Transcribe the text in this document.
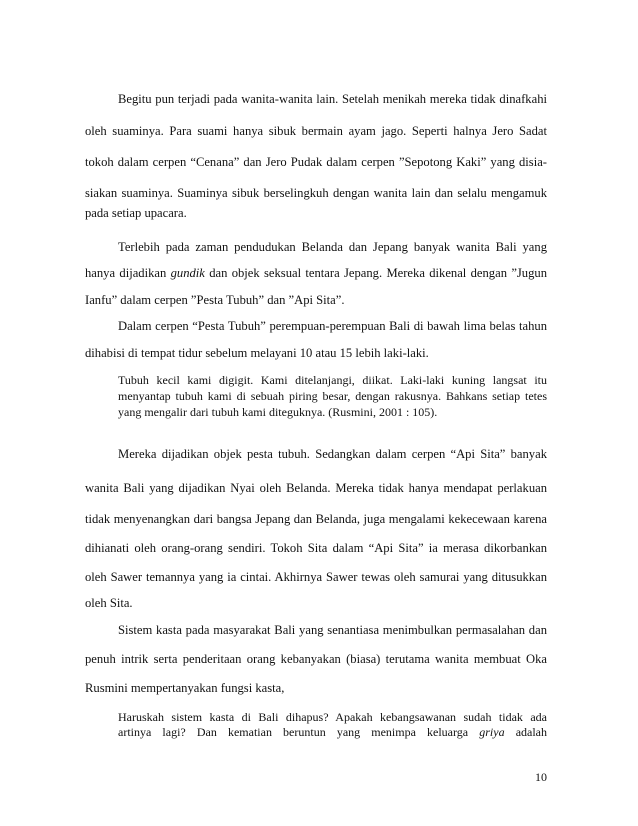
Begitu pun terjadi pada wanita-wanita lain. Setelah menikah mereka tidak dinafkahi
oleh suaminya. Para suami hanya sibuk bermain ayam jago. Seperti halnya Jero Sadat
tokoh dalam cerpen “Cenana” dan Jero Pudak dalam cerpen ”Sepotong Kaki” yang disia-
siakan suaminya. Suaminya sibuk berselingkuh dengan wanita lain dan selalu mengamuk
pada setiap upacara.
Terlebih pada zaman pendudukan Belanda dan Jepang banyak wanita Bali yang
hanya dijadikan gundik dan objek seksual tentara Jepang. Mereka dikenal dengan ”Jugun
Ianfu” dalam cerpen ”Pesta Tubuh” dan ”Api Sita”.
Dalam cerpen “Pesta Tubuh” perempuan-perempuan Bali di bawah lima belas tahun
dihabisi di tempat tidur sebelum melayani 10 atau 15 lebih laki-laki.
Tubuh kecil kami digigit. Kami ditelanjangi, diikat. Laki-laki kuning langsat itu
menyantap tubuh kami di sebuah piring besar, dengan rakusnya. Bahkans setiap tetes
yang mengalir dari tubuh kami diteguknya. (Rusmini, 2001 : 105).
Mereka dijadikan objek pesta tubuh. Sedangkan dalam cerpen “Api Sita” banyak
wanita Bali yang dijadikan Nyai oleh Belanda. Mereka tidak hanya mendapat perlakuan
tidak menyenangkan dari bangsa Jepang dan Belanda, juga mengalami kekecewaan karena
dihianati oleh orang-orang sendiri. Tokoh Sita dalam “Api Sita” ia merasa dikorbankan
oleh Sawer temannya yang ia cintai. Akhirnya Sawer tewas oleh samurai yang ditusukkan
oleh Sita.
Sistem kasta pada masyarakat Bali yang senantiasa menimbulkan permasalahan dan
penuh intrik serta penderitaan orang kebanyakan (biasa) terutama wanita membuat Oka
Rusmini mempertanyakan fungsi kasta,
Haruskah sistem kasta di Bali dihapus? Apakah kebangsawanan sudah tidak ada
artinya lagi? Dan kematian beruntun yang menimpa keluarga griya adalah
10
